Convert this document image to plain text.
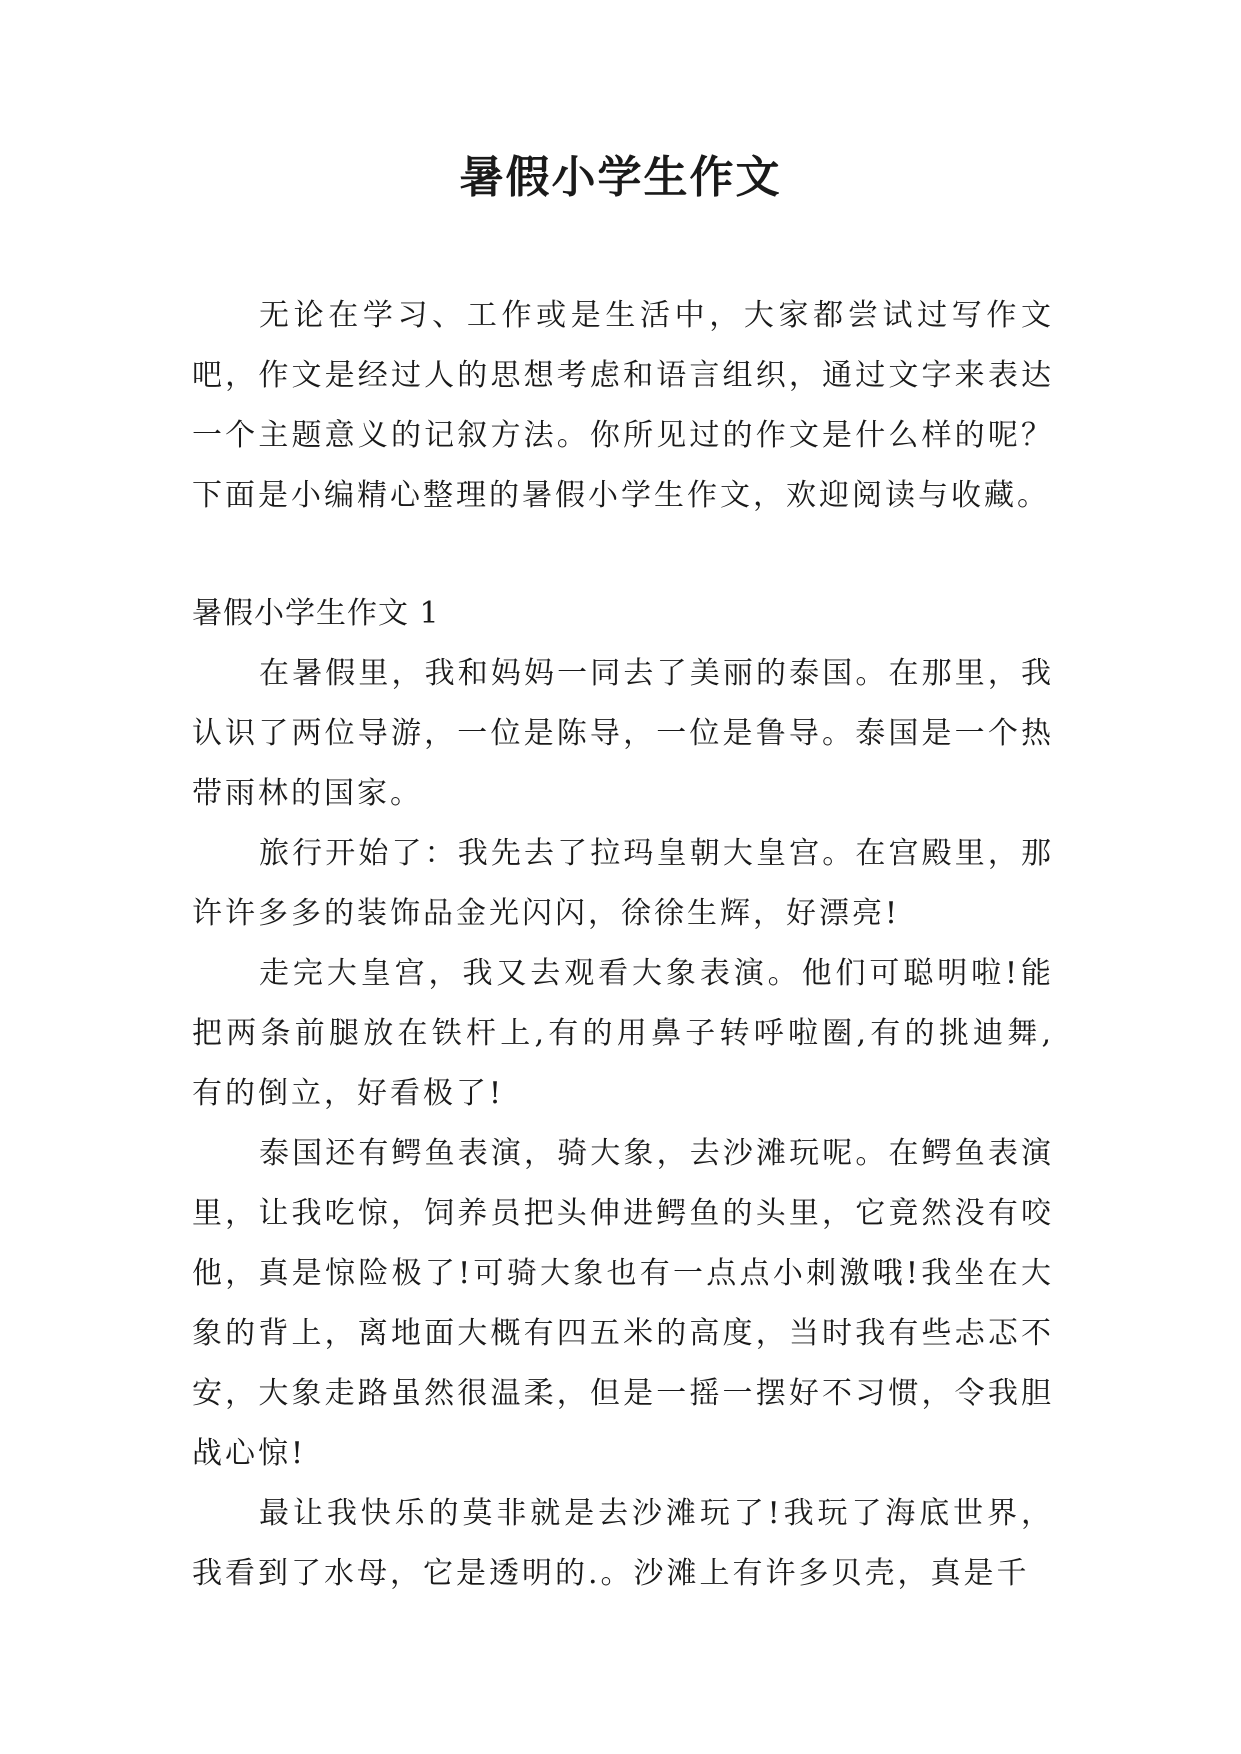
暑假小学生作文

无论在学习、工作或是生活中，大家都尝试过写作文吧，作文是经过人的思想考虑和语言组织，通过文字来表达一个主题意义的记叙方法。你所见过的作文是什么样的呢？下面是小编精心整理的暑假小学生作文，欢迎阅读与收藏。

暑假小学生作文 1

在暑假里，我和妈妈一同去了美丽的泰国。在那里，我认识了两位导游，一位是陈导，一位是鲁导。泰国是一个热带雨林的国家。

旅行开始了：我先去了拉玛皇朝大皇宫。在宫殿里，那许许多多的装饰品金光闪闪，徐徐生辉，好漂亮!

走完大皇宫，我又去观看大象表演。他们可聪明啦!能把两条前腿放在铁杆上,有的用鼻子转呼啦圈,有的挑迪舞,有的倒立，好看极了!

泰国还有鳄鱼表演，骑大象，去沙滩玩呢。在鳄鱼表演里，让我吃惊，饲养员把头伸进鳄鱼的头里，它竟然没有咬他，真是惊险极了!可骑大象也有一点点小刺激哦!我坐在大象的背上，离地面大概有四五米的高度，当时我有些忐忑不安，大象走路虽然很温柔，但是一摇一摆好不习惯，令我胆战心惊!

最让我快乐的莫非就是去沙滩玩了!我玩了海底世界，我看到了水母，它是透明的.。沙滩上有许多贝壳，真是千
